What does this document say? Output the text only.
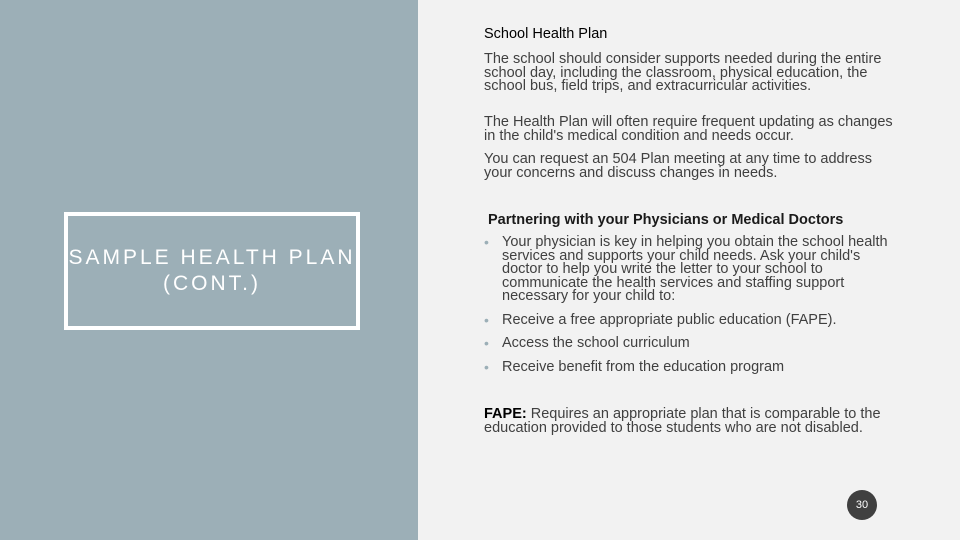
SAMPLE HEALTH PLAN (CONT.)
School Health Plan
The school should consider supports needed during the entire school day, including the classroom, physical education, the school bus, field trips, and extracurricular activities.
The Health Plan will often require frequent updating as changes in the child's medical condition and needs occur.
You can request an 504 Plan meeting at any time to address your concerns and discuss changes in needs.
Partnering with your Physicians or Medical Doctors
• Your physician is key in helping you obtain the school health services and supports your child needs. Ask your child's doctor to help you write the letter to your school to communicate the health services and staffing support necessary for your child to:
• Receive a free appropriate public education (FAPE).
• Access the school curriculum
• Receive benefit from the education program
FAPE: Requires an appropriate plan that is comparable to the education provided to those students who are not disabled.
30
